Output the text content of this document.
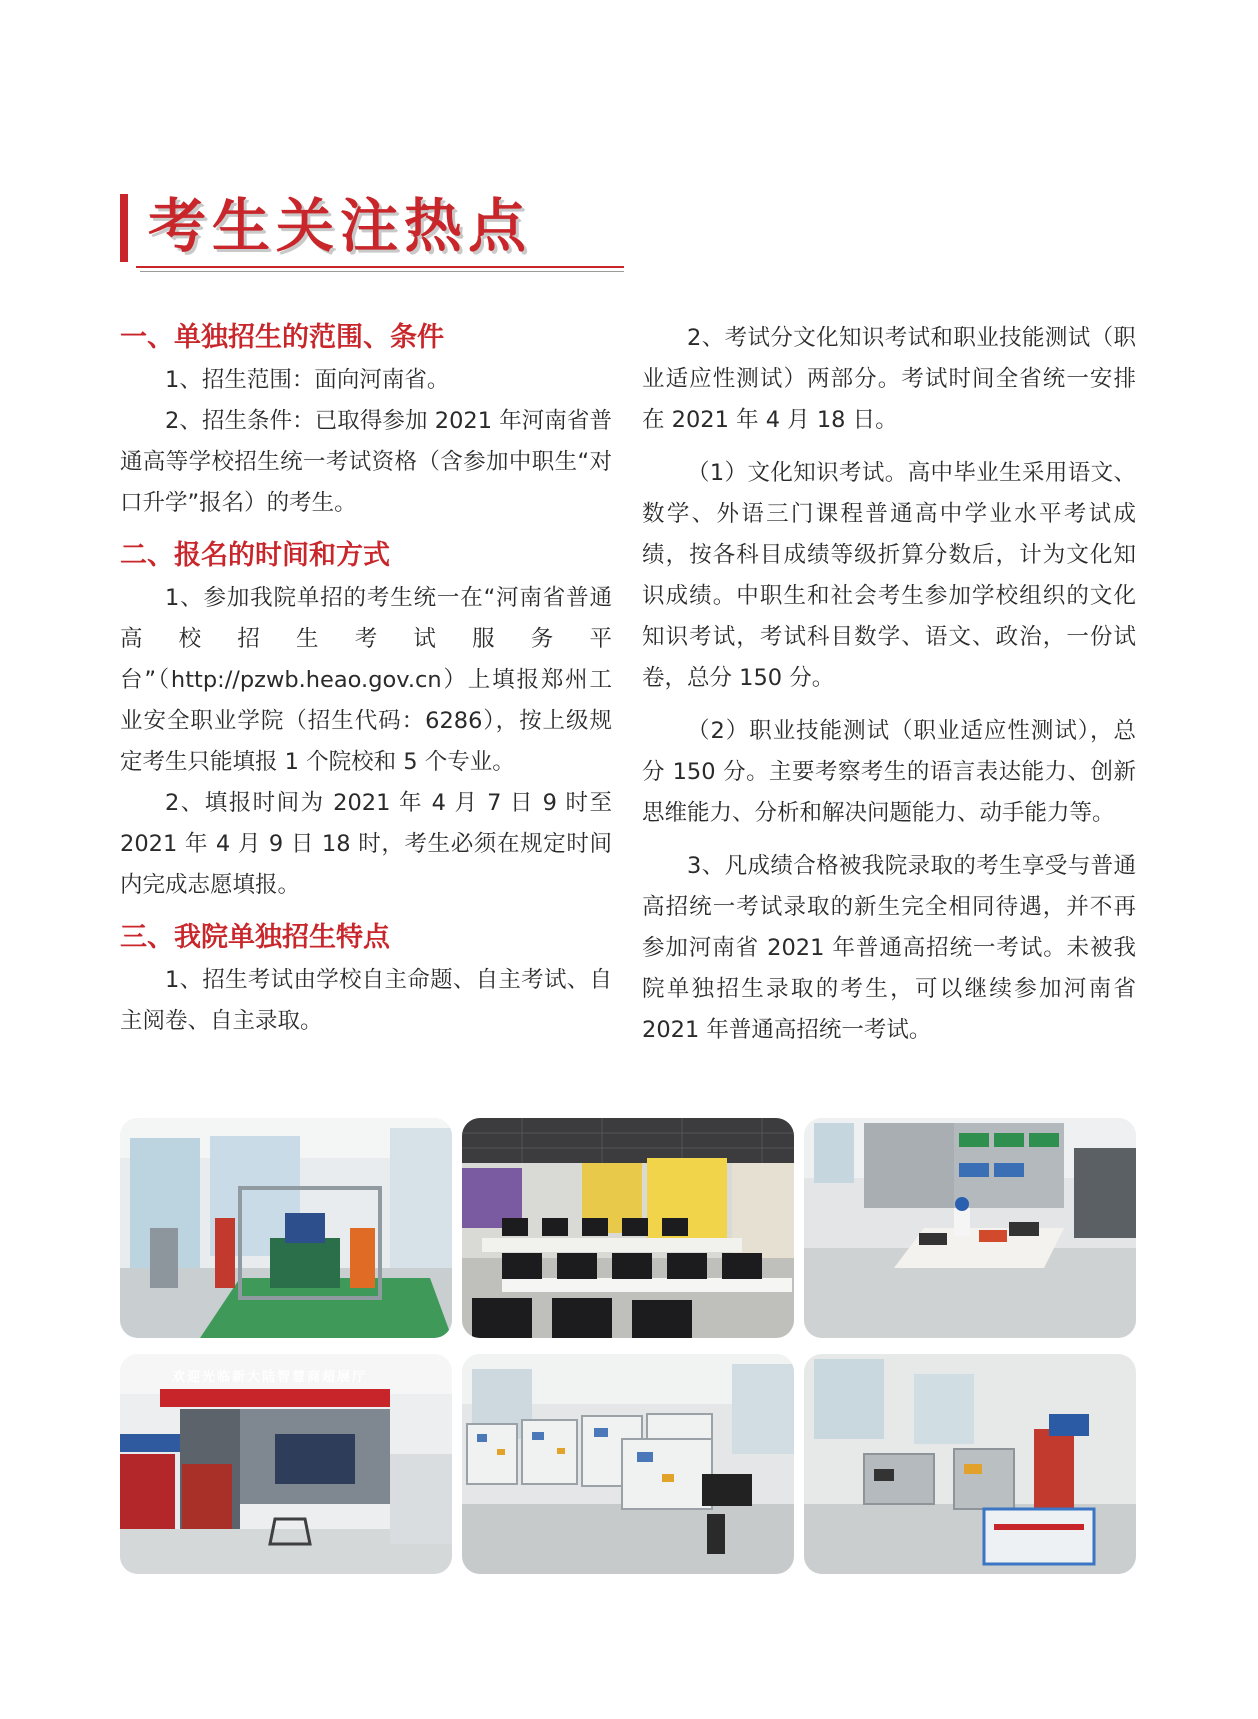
考生关注热点
一、单独招生的范围、条件
1、招生范围：面向河南省。
2、招生条件：已取得参加 2021 年河南省普通高等学校招生统一考试资格（含参加中职生“对口升学”报名）的考生。
二、报名的时间和方式
1、参加我院单招的考生统一在“河南省普通高校招生考试服务平台”（http://pzwb.heao.gov.cn）上填报郑州工业安全职业学院（招生代码：6286），按上级规定考生只能填报 1 个院校和 5 个专业。
2、填报时间为 2021 年 4 月 7 日 9 时至 2021 年 4 月 9 日 18 时，考生必须在规定时间内完成志愿填报。
三、我院单独招生特点
1、招生考试由学校自主命题、自主考试、自主阅卷、自主录取。
2、考试分文化知识考试和职业技能测试（职业适应性测试）两部分。考试时间全省统一安排在 2021 年 4 月 18 日。
（1）文化知识考试。高中毕业生采用语文、数学、外语三门课程普通高中学业水平考试成绩，按各科目成绩等级折算分数后，计为文化知识成绩。中职生和社会考生参加学校组织的文化知识考试，考试科目数学、语文、政治，一份试卷，总分 150 分。
（2）职业技能测试（职业适应性测试），总分 150 分。主要考察考生的语言表达能力、创新思维能力、分析和解决问题能力、动手能力等。
3、凡成绩合格被我院录取的考生享受与普通高招统一考试录取的新生完全相同待遇，并不再参加河南省 2021 年普通高招统一考试。未被我院单独招生录取的考生，可以继续参加河南省 2021 年普通高招统一考试。
欢迎光临新大陆智慧商超展厅
